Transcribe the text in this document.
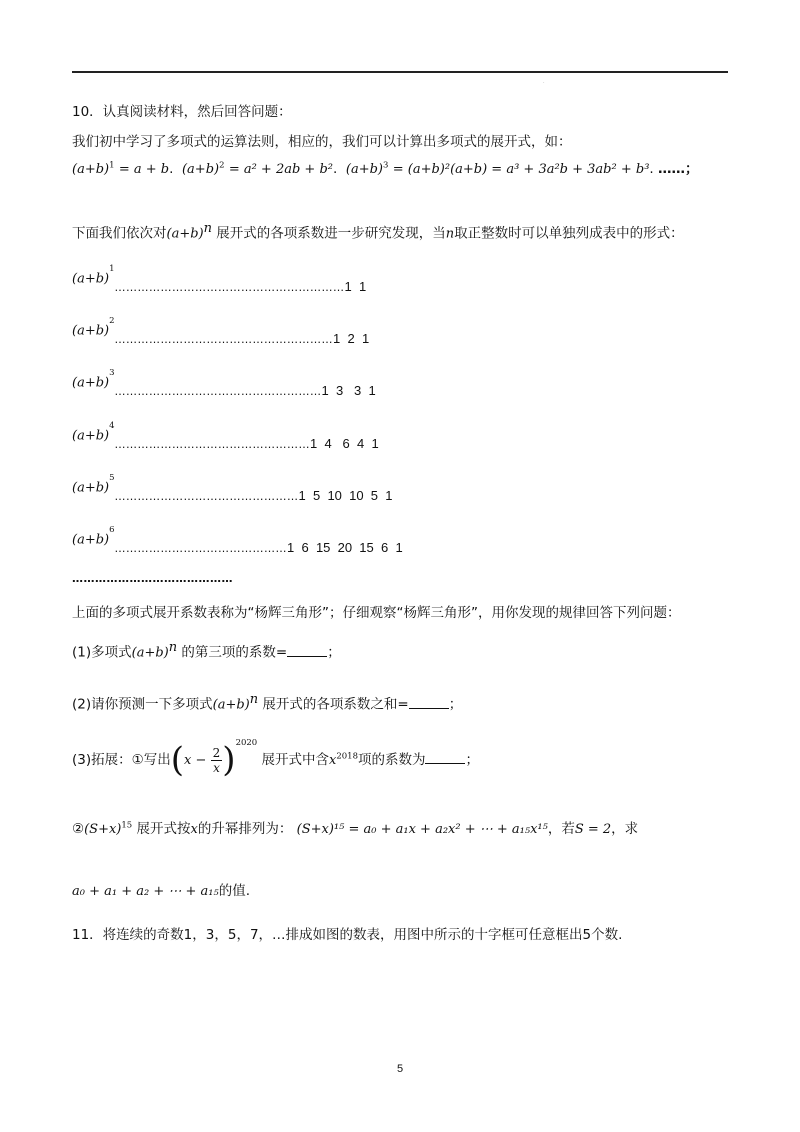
·
10．认真阅读材料，然后回答问题：
我们初中学习了多项式的运算法则，相应的，我们可以计算出多项式的展开式，如：
$(a+b)^1 = a + b$. $(a+b)^2 = a^2 + 2ab + b^2$. $(a+b)^3 = (a+b)^2(a+b) = a^3 + 3a^2b + 3ab^2 + b^3$. ……；
下面我们依次对$(a+b)^n$ 展开式的各项系数进一步研究发现，当n取正整数时可以单独列成表中的形式：
$(a+b)^1_{\dots\dots\dots\dots\dots\dots\dots\dots\dots\dots\dots\dots\dots\dots\dots\dots\dots\dots\dots\dots}1$  1
$(a+b)^2_{\dots\dots\dots\dots\dots\dots\dots\dots\dots\dots\dots\dots\dots\dots\dots\dots\dots\dots\dots}1$  2  1
$(a+b)^3_{\dots\dots\dots\dots\dots\dots\dots\dots\dots\dots\dots\dots\dots\dots\dots\dots\dots\dots}1$  3   3  1
$(a+b)^4_{\dots\dots\dots\dots\dots\dots\dots\dots\dots\dots\dots\dots\dots\dots\dots\dots\dots}1$  4   6  4  1
$(a+b)^5_{\dots\dots\dots\dots\dots\dots\dots\dots\dots\dots\dots\dots\dots\dots\dots\dots}1$  5  10  10  5  1
$(a+b)^6_{\dots\dots\dots\dots\dots\dots\dots\dots\dots\dots\dots\dots\dots\dots\dots}1$  6  15  20  15  6  1
……………………………………
上面的多项式展开系数表称为“杨辉三角形”；仔细观察“杨辉三角形”，用你发现的规律回答下列问题：
(1)多项式$(a+b)^n$ 的第三项的系数=	；
(2)请你预测一下多项式$(a+b)^n$ 展开式的各项系数之和=	；
(3)拓展：①写出$(x - \frac{2}{x} )^{2020}$ 展开式中含$x^{2018}$项的系数为	；
$②(S+x)^{15}$ 展开式按x的升幂排列为： (S+x)¹⁵ = a₀ + a₁x + a₂x² + ⋯ + a₁₅x¹⁵，若S = 2，求
a₀ + a₁ + a₂ + ⋯ + a₁₅的值.
11．将连续的奇数1，3，5，7，…排成如图的数表，用图中所示的十字框可任意框出5个数.
5
